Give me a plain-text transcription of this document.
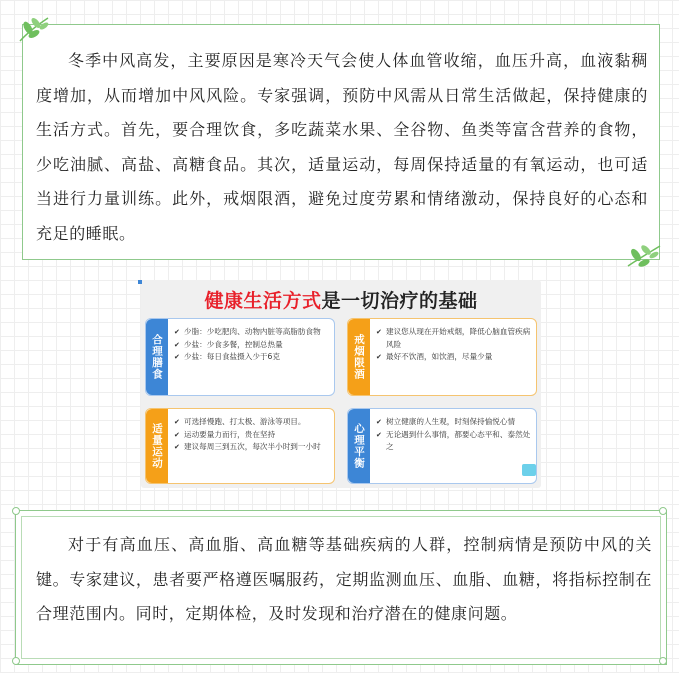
冬季中风高发，主要原因是寒冷天气会使人体血管收缩，血压升高，血液黏稠度增加，从而增加中风风险。专家强调，预防中风需从日常生活做起，保持健康的生活方式。首先，要合理饮食，多吃蔬菜水果、全谷物、鱼类等富含营养的食物，少吃油腻、高盐、高糖食品。其次，适量运动，每周保持适量的有氧运动，也可适当进行力量训练。此外，戒烟限酒，避免过度劳累和情绪激动，保持良好的心态和充足的睡眠。

健康生活方式是一切治疗的基础
合理膳食
✔ 少脂：少吃肥肉、动物内脏等高脂肪食物
✔ 少盐：少食多餐，控制总热量
✔ 少盐：每日食盐摄入少于6克	戒烟限酒
✔ 建议您从现在开始戒烟，降低心脑血管疾病风险
✔ 最好不饮酒，如饮酒，尽量少量
适量运动
✔ 可选择慢跑、打太极、游泳等项目。
✔ 运动要量力而行，贵在坚持
✔ 建议每周三到五次，每次半小时到一小时	心理平衡
✔ 树立健康的人生观，时刻保持愉悦心情
✔ 无论遇到什么事情，都要心态平和、泰然处之

对于有高血压、高血脂、高血糖等基础疾病的人群，控制病情是预防中风的关键。专家建议，患者要严格遵医嘱服药，定期监测血压、血脂、血糖，将指标控制在合理范围内。同时，定期体检，及时发现和治疗潜在的健康问题。
